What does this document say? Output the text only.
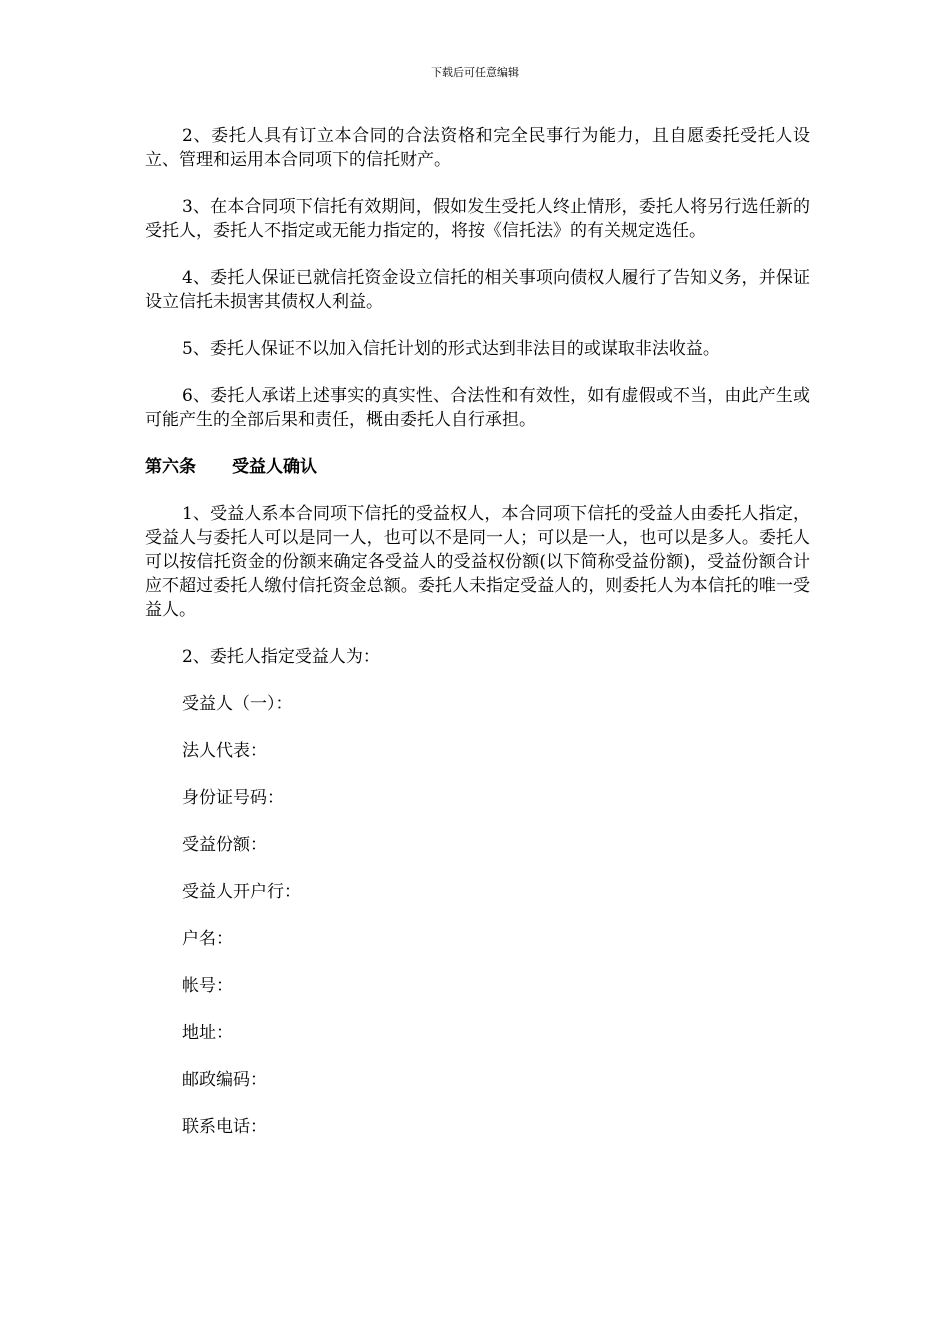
下载后可任意编辑

2、委托人具有订立本合同的合法资格和完全民事行为能力，且自愿委托受托人设立、管理和运用本合同项下的信托财产。

3、在本合同项下信托有效期间，假如发生受托人终止情形，委托人将另行选任新的受托人，委托人不指定或无能力指定的，将按《信托法》的有关规定选任。

4、委托人保证已就信托资金设立信托的相关事项向债权人履行了告知义务，并保证设立信托未损害其债权人利益。

5、委托人保证不以加入信托计划的形式达到非法目的或谋取非法收益。

6、委托人承诺上述事实的真实性、合法性和有效性，如有虚假或不当，由此产生或可能产生的全部后果和责任，概由委托人自行承担。

第六条 受益人确认

1、受益人系本合同项下信托的受益权人，本合同项下信托的受益人由委托人指定，受益人与委托人可以是同一人，也可以不是同一人；可以是一人，也可以是多人。委托人可以按信托资金的份额来确定各受益人的受益权份额(以下简称受益份额)，受益份额合计应不超过委托人缴付信托资金总额。委托人未指定受益人的，则委托人为本信托的唯一受益人。

2、委托人指定受益人为：

受益人（一）：

法人代表：

身份证号码：

受益份额：

受益人开户行：

户名：

帐号：

地址：

邮政编码：

联系电话：
